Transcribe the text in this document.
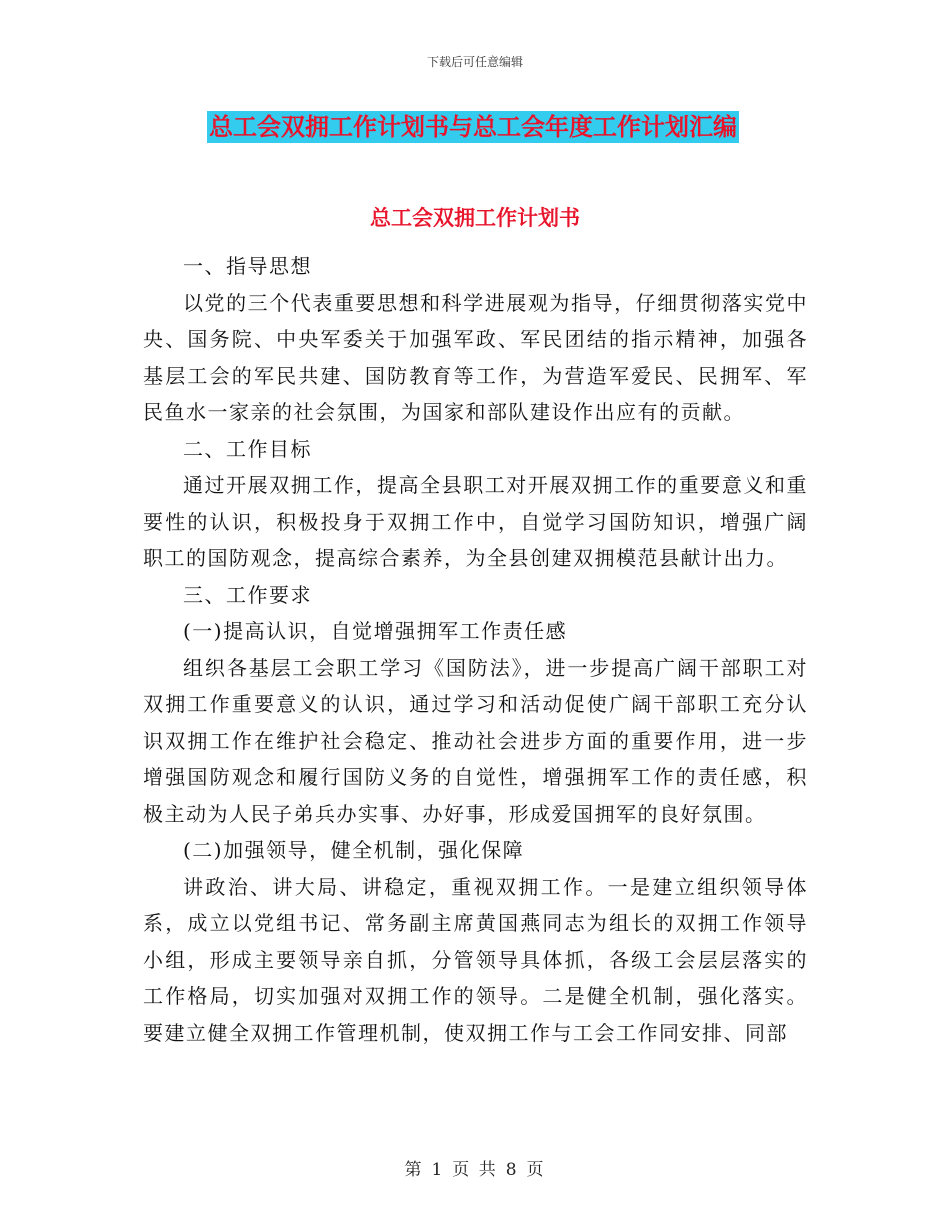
下载后可任意编辑
总工会双拥工作计划书与总工会年度工作计划汇编
总工会双拥工作计划书

一、指导思想

以党的三个代表重要思想和科学进展观为指导，仔细贯彻落实党中央、国务院、中央军委关于加强军政、军民团结的指示精神，加强各基层工会的军民共建、国防教育等工作，为营造军爱民、民拥军、军民鱼水一家亲的社会氛围，为国家和部队建设作出应有的贡献。

二、工作目标

通过开展双拥工作，提高全县职工对开展双拥工作的重要意义和重要性的认识，积极投身于双拥工作中，自觉学习国防知识，增强广阔职工的国防观念，提高综合素养，为全县创建双拥模范县献计出力。

三、工作要求

(一)提高认识，自觉增强拥军工作责任感

组织各基层工会职工学习《国防法》，进一步提高广阔干部职工对双拥工作重要意义的认识，通过学习和活动促使广阔干部职工充分认识双拥工作在维护社会稳定、推动社会进步方面的重要作用，进一步增强国防观念和履行国防义务的自觉性，增强拥军工作的责任感，积极主动为人民子弟兵办实事、办好事，形成爱国拥军的良好氛围。

(二)加强领导，健全机制，强化保障

讲政治、讲大局、讲稳定，重视双拥工作。一是建立组织领导体系，成立以党组书记、常务副主席黄国燕同志为组长的双拥工作领导小组，形成主要领导亲自抓，分管领导具体抓，各级工会层层落实的工作格局，切实加强对双拥工作的领导。二是健全机制，强化落实。要建立健全双拥工作管理机制，使双拥工作与工会工作同安排、同部

第 1 页 共 8 页
